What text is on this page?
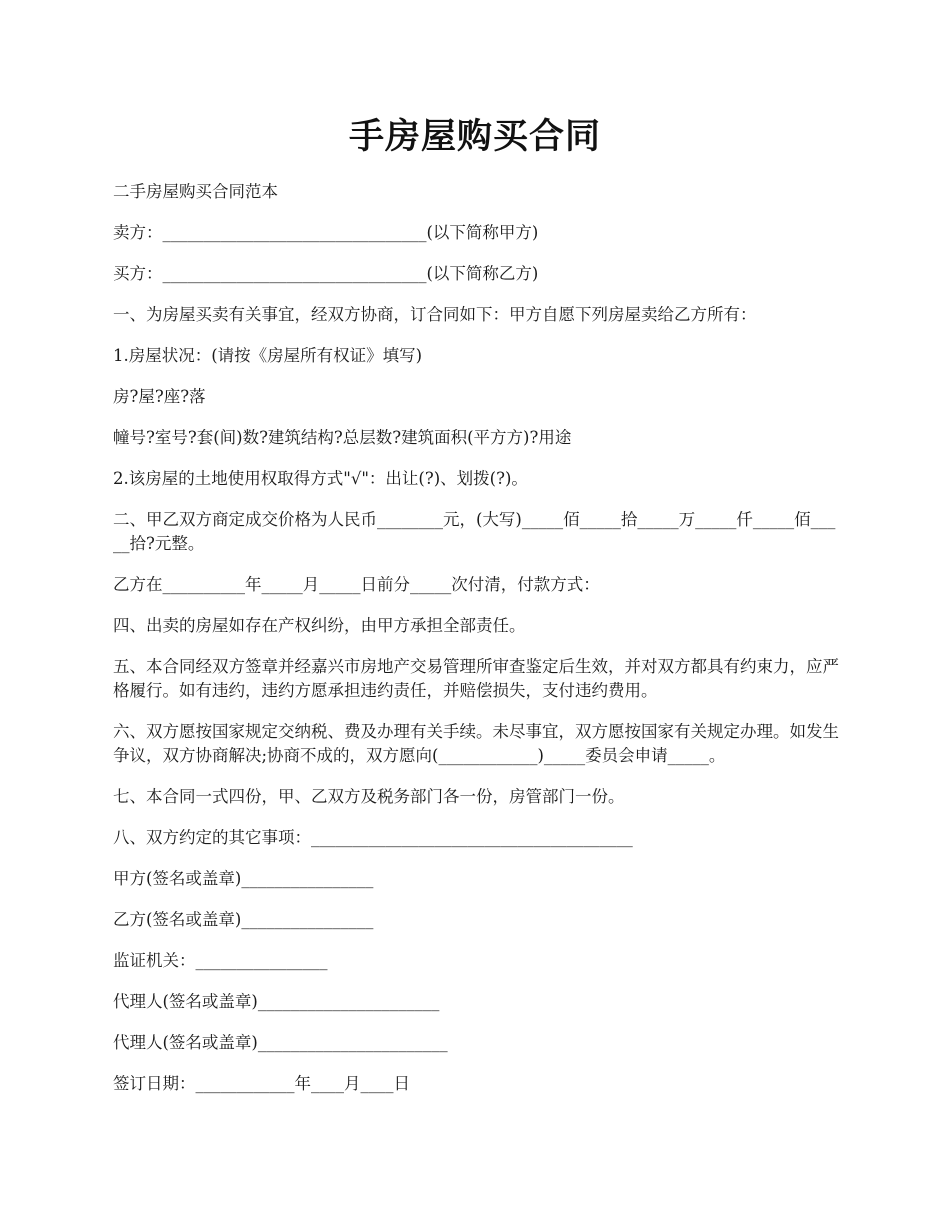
手房屋购买合同

二手房屋购买合同范本

卖方：________________________________(以下简称甲方)

买方：________________________________(以下简称乙方)

一、为房屋买卖有关事宜，经双方协商，订合同如下：甲方自愿下列房屋卖给乙方所有：

1.房屋状况：(请按《房屋所有权证》填写)

房?屋?座?落

幢号?室号?套(间)数?建筑结构?总层数?建筑面积(平方方)?用途

2.该房屋的土地使用权取得方式"√"：出让(?)、划拨(?)。

二、甲乙双方商定成交价格为人民币________元，(大写)_____佰_____拾_____万_____仟_____佰_____拾?元整。

乙方在__________年_____月_____日前分_____次付清，付款方式：

四、出卖的房屋如存在产权纠纷，由甲方承担全部责任。

五、本合同经双方签章并经嘉兴市房地产交易管理所审查鉴定后生效，并对双方都具有约束力，应严格履行。如有违约，违约方愿承担违约责任，并赔偿损失，支付违约费用。

六、双方愿按国家规定交纳税、费及办理有关手续。未尽事宜，双方愿按国家有关规定办理。如发生争议，双方协商解决;协商不成的，双方愿向(____________)_____委员会申请_____。

七、本合同一式四份，甲、乙双方及税务部门各一份，房管部门一份。

八、双方约定的其它事项：_______________________________________

甲方(签名或盖章)________________

乙方(签名或盖章)________________

监证机关：________________

代理人(签名或盖章)______________________

代理人(签名或盖章)_______________________

签订日期：____________年____月____日
